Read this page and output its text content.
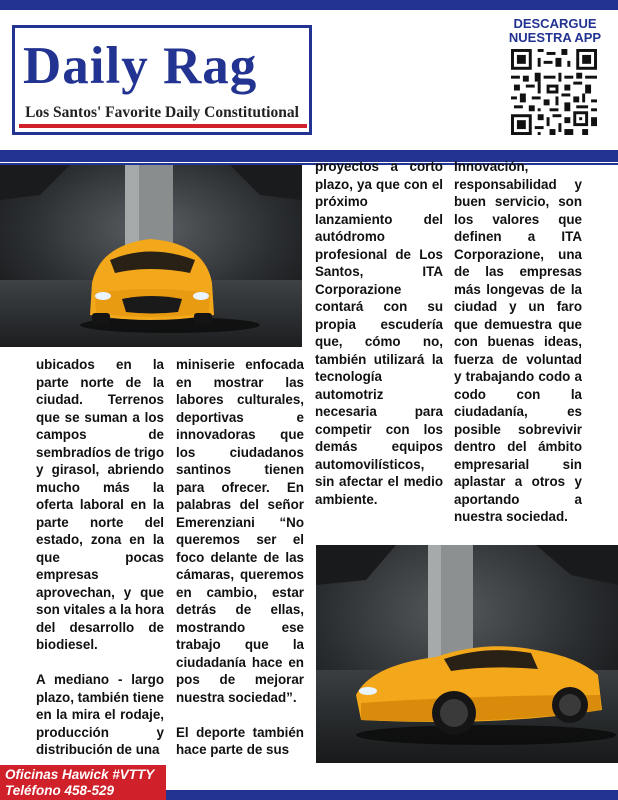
Daily Rag
Los Santos' Favorite Daily Constitutional
DESCARGUE
NUESTRA APP

ubicados en la parte norte de la ciudad. Terrenos que se suman a los campos de sembradíos de trigo y girasol, abriendo mucho más la oferta laboral en la parte norte del estado, zona en la que pocas empresas aprovechan, y que son vitales a la hora del desarrollo de biodiesel.

A mediano - largo plazo, también tiene en la mira el rodaje, producción y distribución de una

miniserie enfocada en mostrar las labores culturales, deportivas e innovadoras que los ciudadanos santinos tienen para ofrecer. En palabras del señor Emerenziani “No queremos ser el foco delante de las cámaras, queremos en cambio, estar detrás de ellas, mostrando ese trabajo que la ciudadanía hace en pos de mejorar nuestra sociedad”.

El deporte también hace parte de sus

proyectos a corto plazo, ya que con el próximo lanzamiento del autódromo profesional de Los Santos, ITA Corporazione contará con su propia escudería que, cómo no, también utilizará la tecnología automotriz necesaria para competir con los demás equipos automovilísticos, sin afectar el medio ambiente.

Innovación, responsabilidad y buen servicio, son los valores que definen a ITA Corporazione, una de las empresas más longevas de la ciudad y un faro que demuestra que con buenas ideas, fuerza de voluntad y trabajando codo a codo con la ciudadanía, es posible sobrevivir dentro del ámbito empresarial sin aplastar a otros y aportando a nuestra sociedad.

Oficinas Hawick #VTTY
Teléfono 458-529
